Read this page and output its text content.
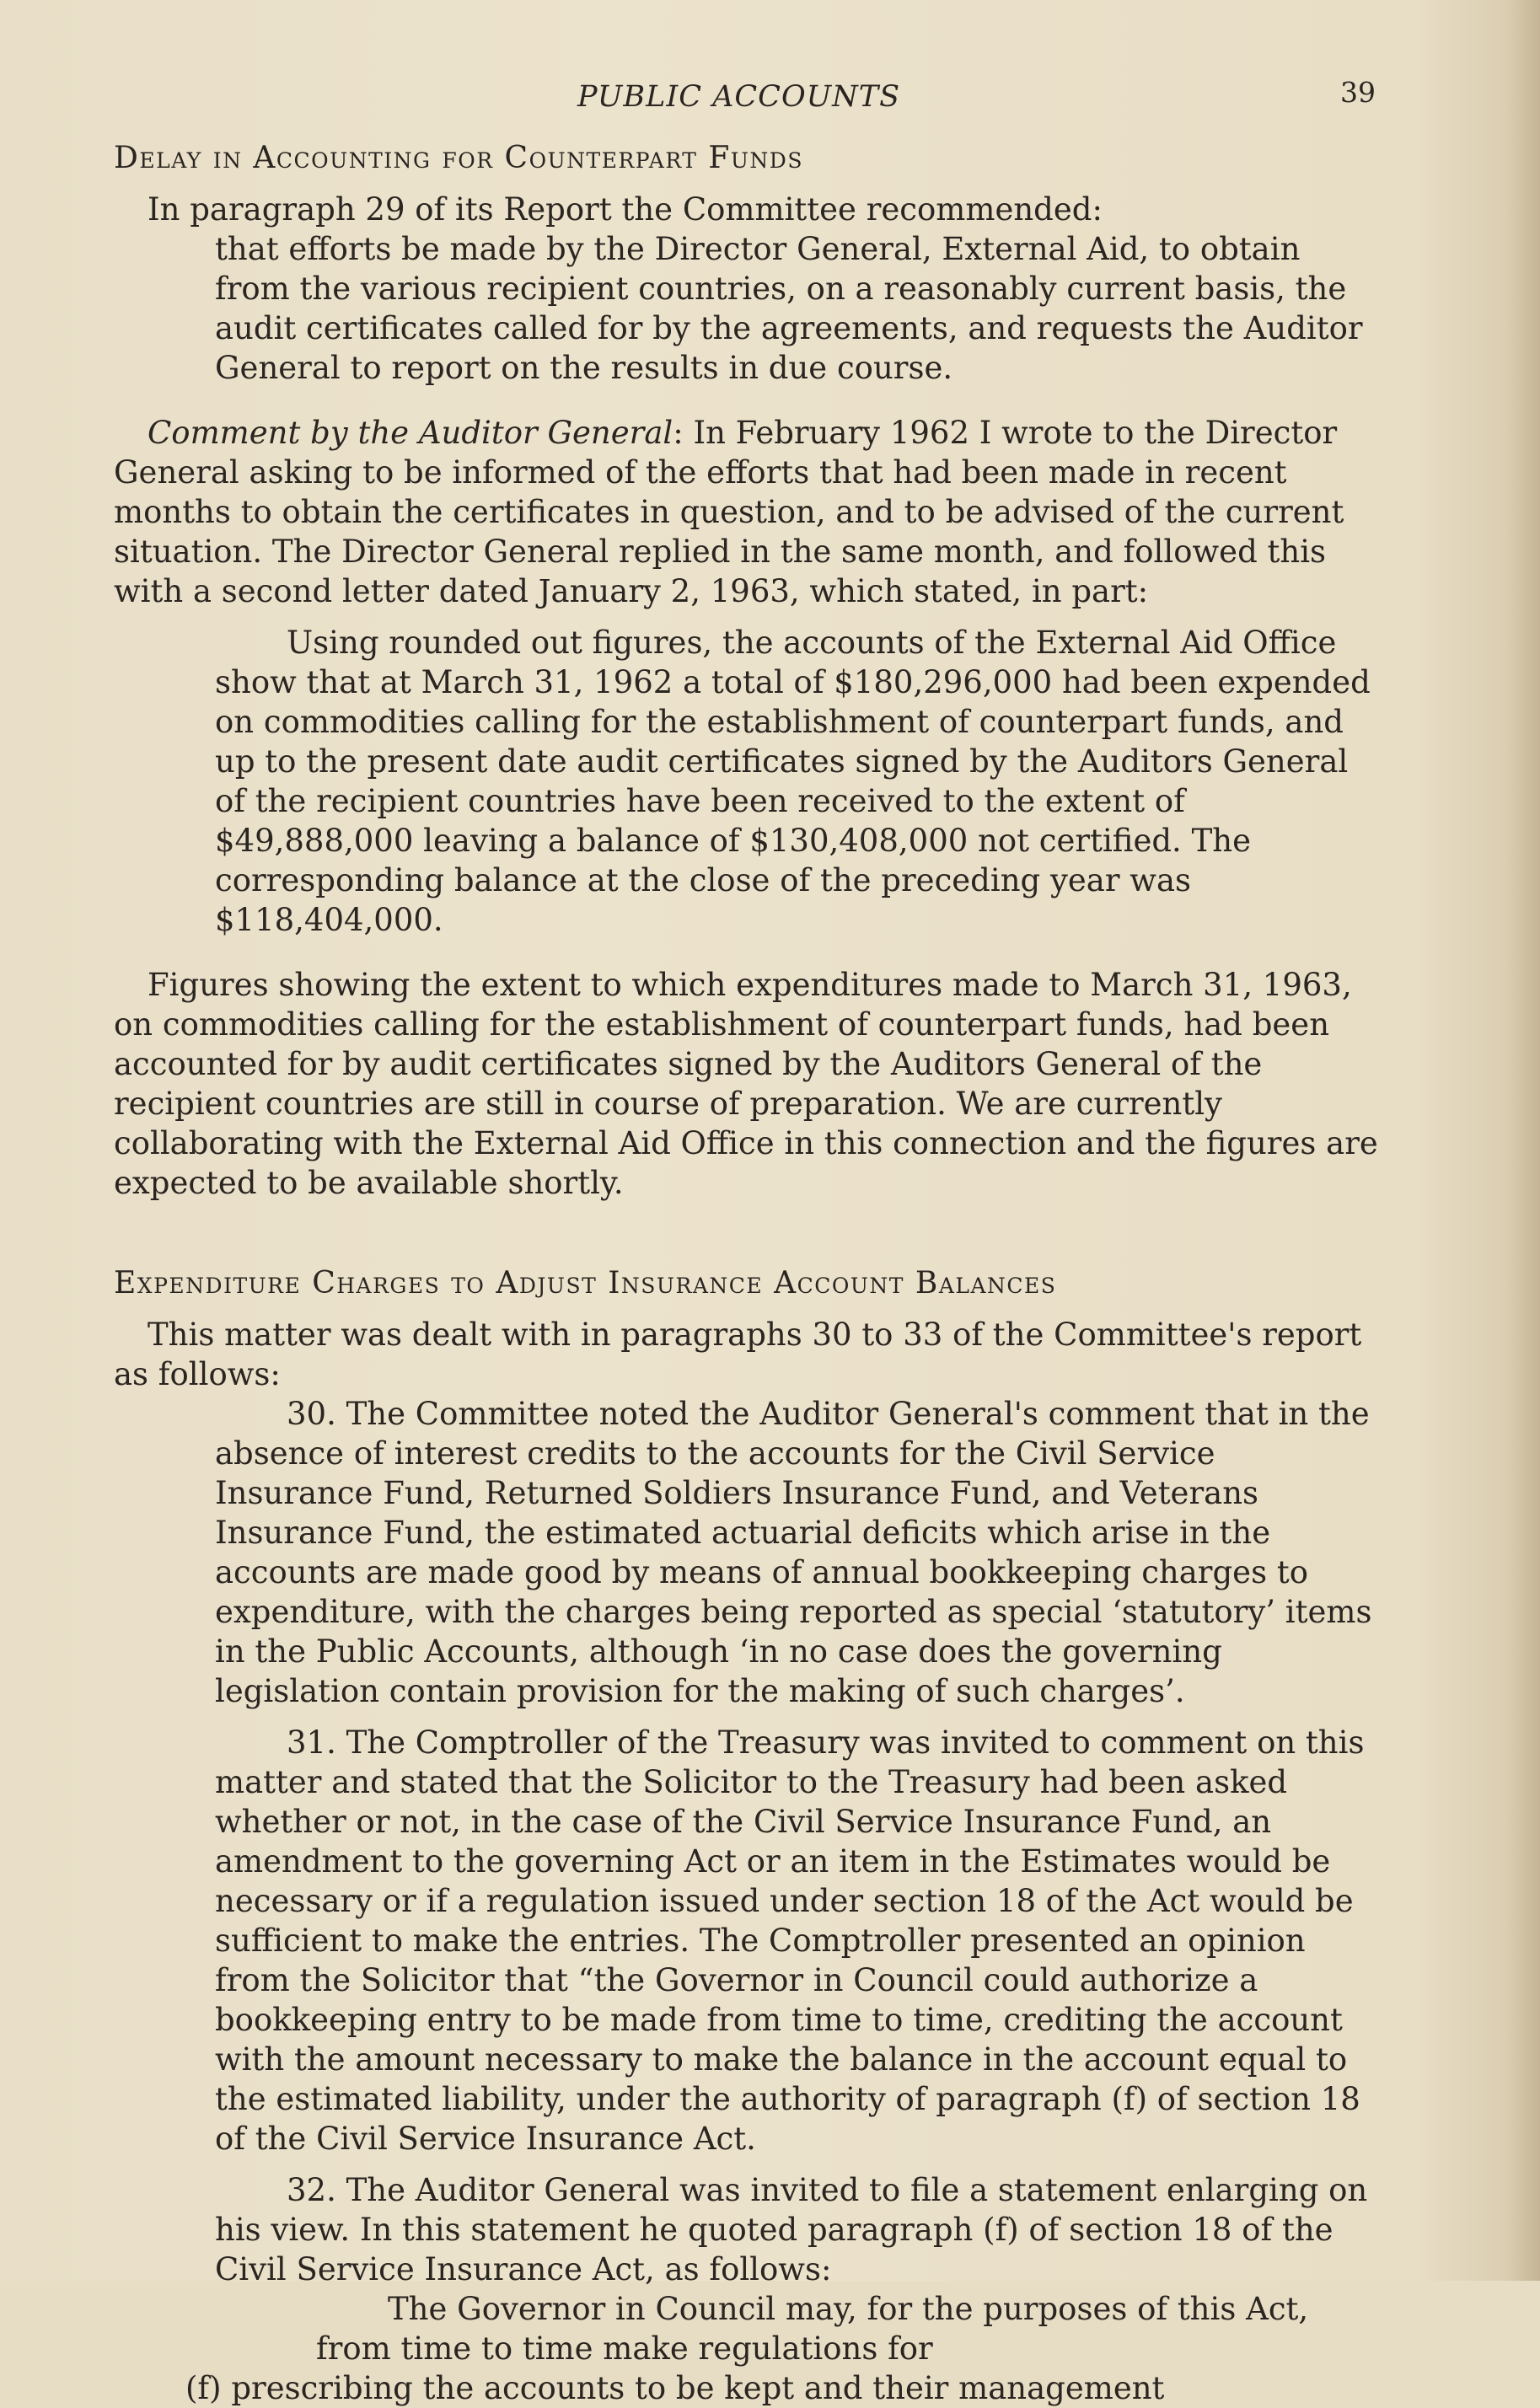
PUBLIC ACCOUNTS	39
Delay in Accounting for Counterpart Funds

In paragraph 29 of its Report the Committee recommended:

that efforts be made by the Director General, External Aid, to obtain from the various recipient countries, on a reasonably current basis, the audit certificates called for by the agreements, and requests the Auditor General to report on the results in due course.

Comment by the Auditor General: In February 1962 I wrote to the Director General asking to be informed of the efforts that had been made in recent months to obtain the certificates in question, and to be advised of the current situation. The Director General replied in the same month, and followed this with a second letter dated January 2, 1963, which stated, in part:

Using rounded out figures, the accounts of the External Aid Office show that at March 31, 1962 a total of $180,296,000 had been expended on commodities calling for the establishment of counterpart funds, and up to the present date audit certificates signed by the Auditors General of the recipient countries have been received to the extent of $49,888,000 leaving a balance of $130,408,000 not certified. The corresponding balance at the close of the preceding year was $118,404,000.

Figures showing the extent to which expenditures made to March 31, 1963, on commodities calling for the establishment of counterpart funds, had been accounted for by audit certificates signed by the Auditors General of the recipient countries are still in course of preparation. We are currently collaborating with the External Aid Office in this connection and the figures are expected to be available shortly.

Expenditure Charges to Adjust Insurance Account Balances

This matter was dealt with in paragraphs 30 to 33 of the Committee's report as follows:

30. The Committee noted the Auditor General's comment that in the absence of interest credits to the accounts for the Civil Service Insurance Fund, Returned Soldiers Insurance Fund, and Veterans Insurance Fund, the estimated actuarial deficits which arise in the accounts are made good by means of annual bookkeeping charges to expenditure, with the charges being reported as special ‘statutory’ items in the Public Accounts, although ‘in no case does the governing legislation contain provision for the making of such charges’.

31. The Comptroller of the Treasury was invited to comment on this matter and stated that the Solicitor to the Treasury had been asked whether or not, in the case of the Civil Service Insurance Fund, an amendment to the governing Act or an item in the Estimates would be necessary or if a regulation issued under section 18 of the Act would be sufficient to make the entries. The Comptroller presented an opinion from the Solicitor that “the Governor in Council could authorize a bookkeeping entry to be made from time to time, crediting the account with the amount necessary to make the balance in the account equal to the estimated liability, under the authority of paragraph (f) of section 18 of the Civil Service Insurance Act.

32. The Auditor General was invited to file a statement enlarging on his view. In this statement he quoted paragraph (f) of section 18 of the Civil Service Insurance Act, as follows:

The Governor in Council may, for the purposes of this Act, from time to time make regulations for

(f) prescribing the accounts to be kept and their management
